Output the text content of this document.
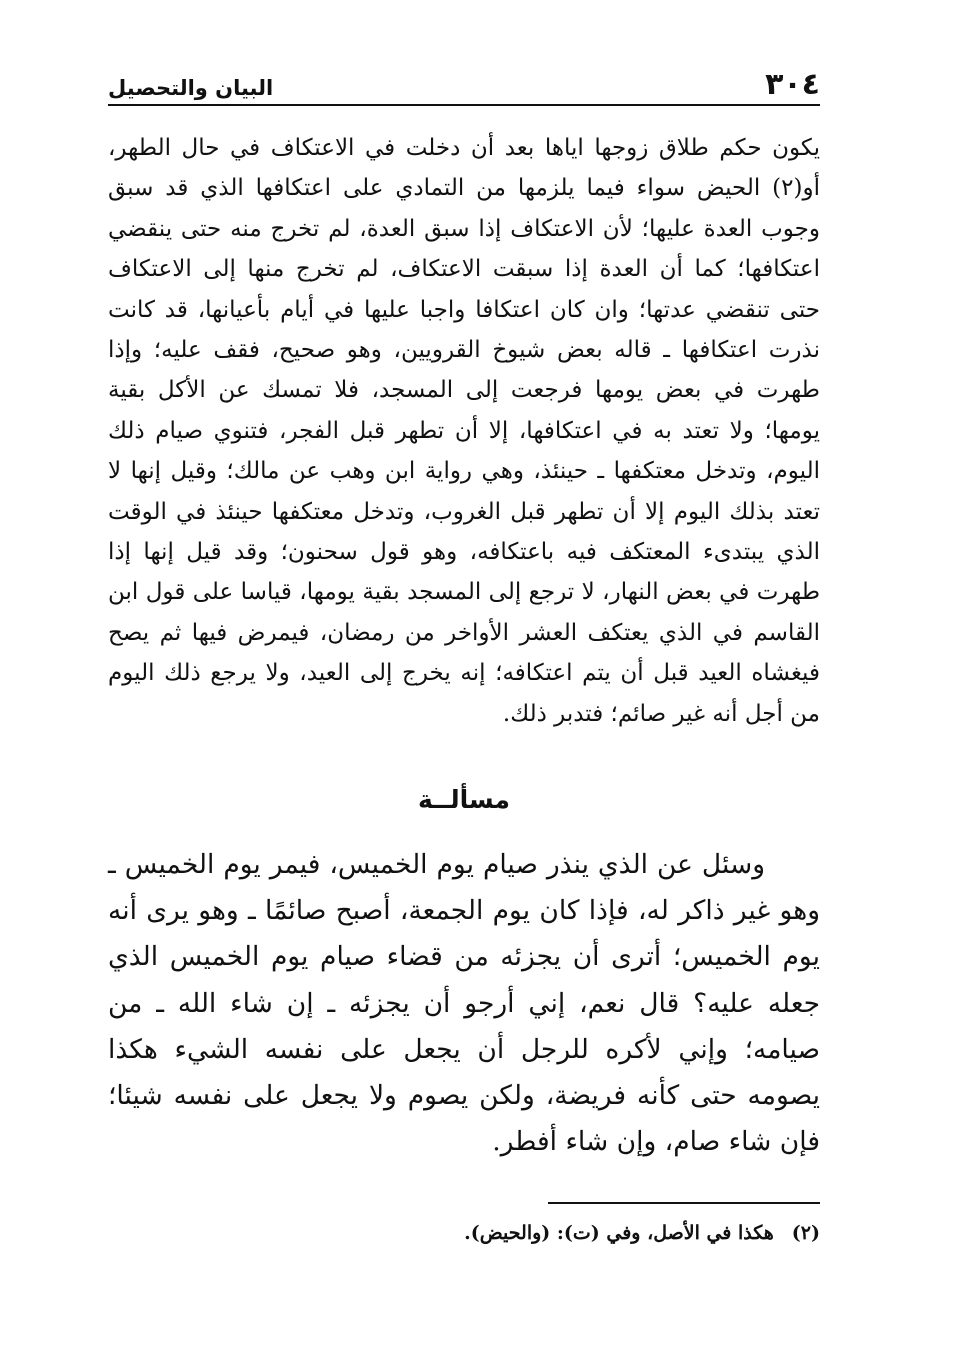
٣٠٤
البيان والتحصيل

يكون حكم طلاق زوجها اياها بعد أن دخلت في الاعتكاف في حال الطهر، أو(٢) الحيض سواء فيما يلزمها من التمادي على اعتكافها الذي قد سبق وجوب العدة عليها؛ لأن الاعتكاف إذا سبق العدة، لم تخرج منه حتى ينقضي اعتكافها؛ كما أن العدة إذا سبقت الاعتكاف، لم تخرج منها إلى الاعتكاف حتى تنقضي عدتها؛ وان كان اعتكافا واجبا عليها في أيام بأعيانها، قد كانت نذرت اعتكافها ـ قاله بعض شيوخ القرويين، وهو صحيح، فقف عليه؛ وإذا طهرت في بعض يومها فرجعت إلى المسجد، فلا تمسك عن الأكل بقية يومها؛ ولا تعتد به في اعتكافها، إلا أن تطهر قبل الفجر، فتنوي صيام ذلك اليوم، وتدخل معتكفها ـ حينئذ، وهي رواية ابن وهب عن مالك؛ وقيل إنها لا تعتد بذلك اليوم إلا أن تطهر قبل الغروب، وتدخل معتكفها حينئذ في الوقت الذي يبتدىء المعتكف فيه باعتكافه، وهو قول سحنون؛ وقد قيل إنها إذا طهرت في بعض النهار، لا ترجع إلى المسجد بقية يومها، قياسا على قول ابن القاسم في الذي يعتكف العشر الأواخر من رمضان، فيمرض فيها ثم يصح فيغشاه العيد قبل أن يتم اعتكافه؛ إنه يخرج إلى العيد، ولا يرجع ذلك اليوم من أجل أنه غير صائم؛ فتدبر ذلك.

مسألــة

وسئل عن الذي ينذر صيام يوم الخميس، فيمر يوم الخميس ـ وهو غير ذاكر له، فإذا كان يوم الجمعة، أصبح صائمًا ـ وهو يرى أنه يوم الخميس؛ أترى أن يجزئه من قضاء صيام يوم الخميس الذي جعله عليه؟ قال نعم، إني أرجو أن يجزئه ـ إن شاء الله ـ من صيامه؛ وإني لأكره للرجل أن يجعل على نفسه الشيء هكذا يصومه حتى كأنه فريضة، ولكن يصوم ولا يجعل على نفسه شيئا؛ فإن شاء صام، وإن شاء أفطر.

(٢)هكذا في الأصل، وفي (ت): (والحيض).
